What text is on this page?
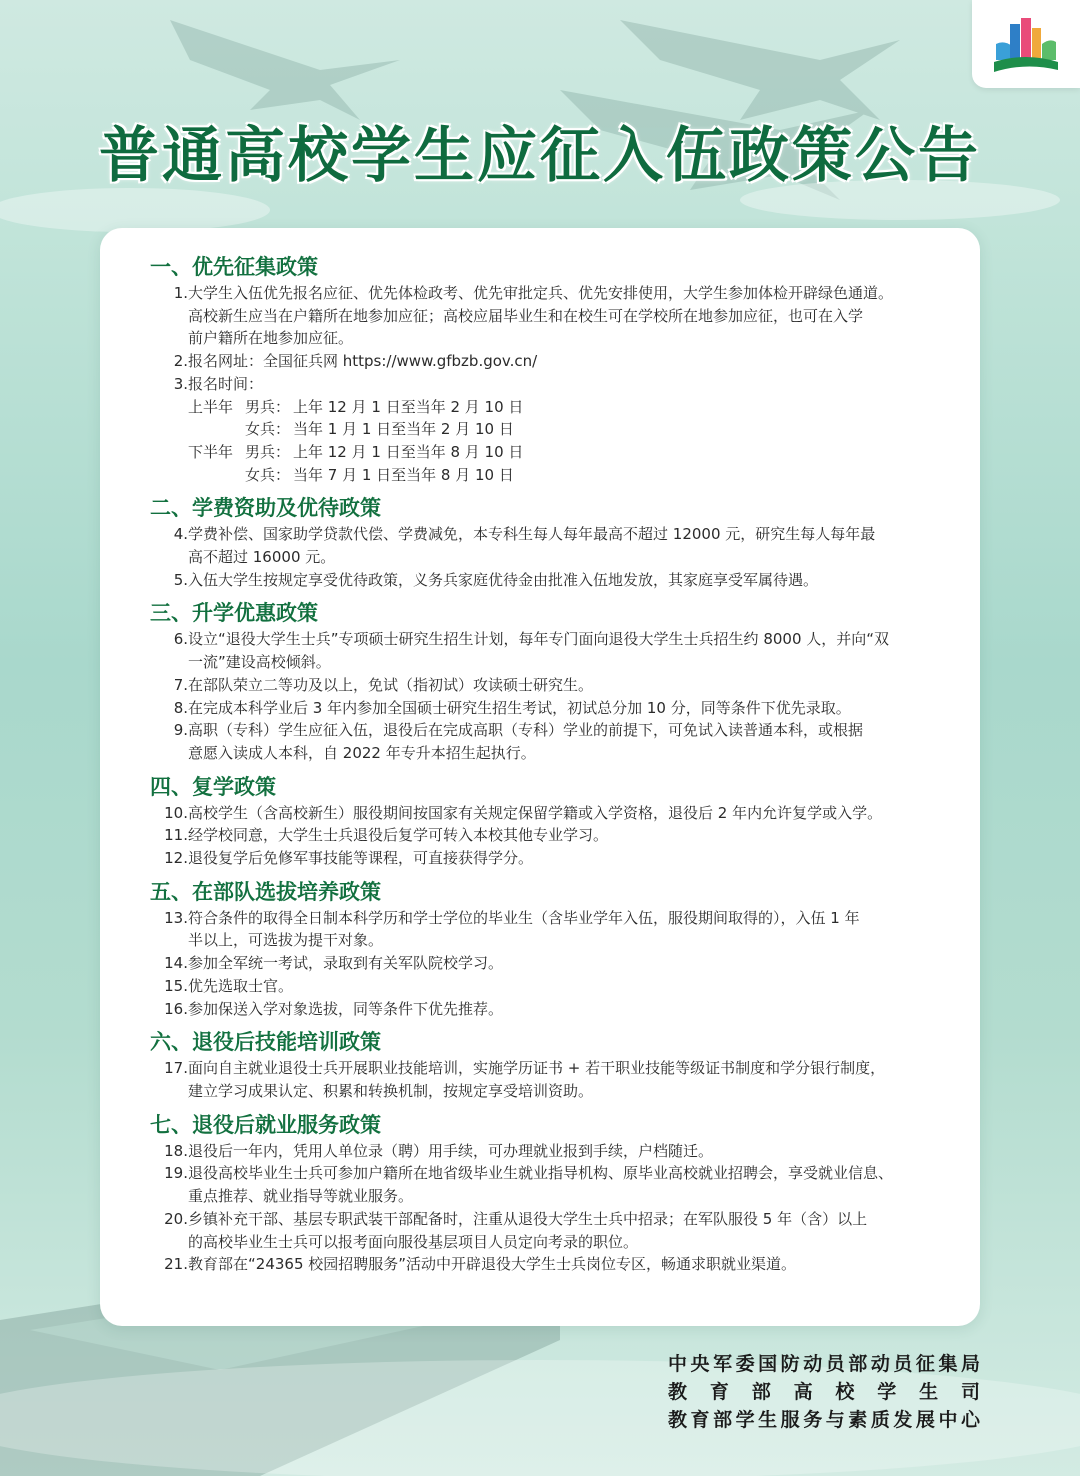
普通高校学生应征入伍政策公告
一、优先征集政策
1. 大学生入伍优先报名应征、优先体检政考、优先审批定兵、优先安排使用，大学生参加体检开辟绿色通道。
高校新生应当在户籍所在地参加应征；高校应届毕业生和在校生可在学校所在地参加应征，也可在入学
前户籍所在地参加应征。
2. 报名网址：全国征兵网 https://www.gfbzb.gov.cn/
3. 报名时间：
上半年 男兵： 上年 12 月 1 日至当年 2 月 10 日
女兵： 当年 1 月 1 日至当年 2 月 10 日
下半年 男兵： 上年 12 月 1 日至当年 8 月 10 日
女兵： 当年 7 月 1 日至当年 8 月 10 日
二、学费资助及优待政策
4. 学费补偿、国家助学贷款代偿、学费减免，本专科生每人每年最高不超过 12000 元，研究生每人每年最
高不超过 16000 元。
5. 入伍大学生按规定享受优待政策，义务兵家庭优待金由批准入伍地发放，其家庭享受军属待遇。
三、升学优惠政策
6. 设立“退役大学生士兵”专项硕士研究生招生计划，每年专门面向退役大学生士兵招生约 8000 人，并向“双
一流”建设高校倾斜。
7. 在部队荣立二等功及以上，免试（指初试）攻读硕士研究生。
8. 在完成本科学业后 3 年内参加全国硕士研究生招生考试，初试总分加 10 分，同等条件下优先录取。
9. 高职（专科）学生应征入伍，退役后在完成高职（专科）学业的前提下，可免试入读普通本科，或根据
意愿入读成人本科，自 2022 年专升本招生起执行。
四、复学政策
10. 高校学生（含高校新生）服役期间按国家有关规定保留学籍或入学资格，退役后 2 年内允许复学或入学。
11. 经学校同意，大学生士兵退役后复学可转入本校其他专业学习。
12. 退役复学后免修军事技能等课程，可直接获得学分。
五、在部队选拔培养政策
13. 符合条件的取得全日制本科学历和学士学位的毕业生（含毕业学年入伍，服役期间取得的），入伍 1 年
半以上，可选拔为提干对象。
14. 参加全军统一考试，录取到有关军队院校学习。
15. 优先选取士官。
16. 参加保送入学对象选拔，同等条件下优先推荐。
六、退役后技能培训政策
17. 面向自主就业退役士兵开展职业技能培训，实施学历证书 + 若干职业技能等级证书制度和学分银行制度，
建立学习成果认定、积累和转换机制，按规定享受培训资助。
七、退役后就业服务政策
18. 退役后一年内，凭用人单位录（聘）用手续，可办理就业报到手续，户档随迁。
19. 退役高校毕业生士兵可参加户籍所在地省级毕业生就业指导机构、原毕业高校就业招聘会，享受就业信息、
重点推荐、就业指导等就业服务。
20. 乡镇补充干部、基层专职武装干部配备时，注重从退役大学生士兵中招录；在军队服役 5 年（含）以上
的高校毕业生士兵可以报考面向服役基层项目人员定向考录的职位。
21. 教育部在“24365 校园招聘服务”活动中开辟退役大学生士兵岗位专区，畅通求职就业渠道。
中央军委国防动员部动员征集局
教育部高校学生司
教育部学生服务与素质发展中心
